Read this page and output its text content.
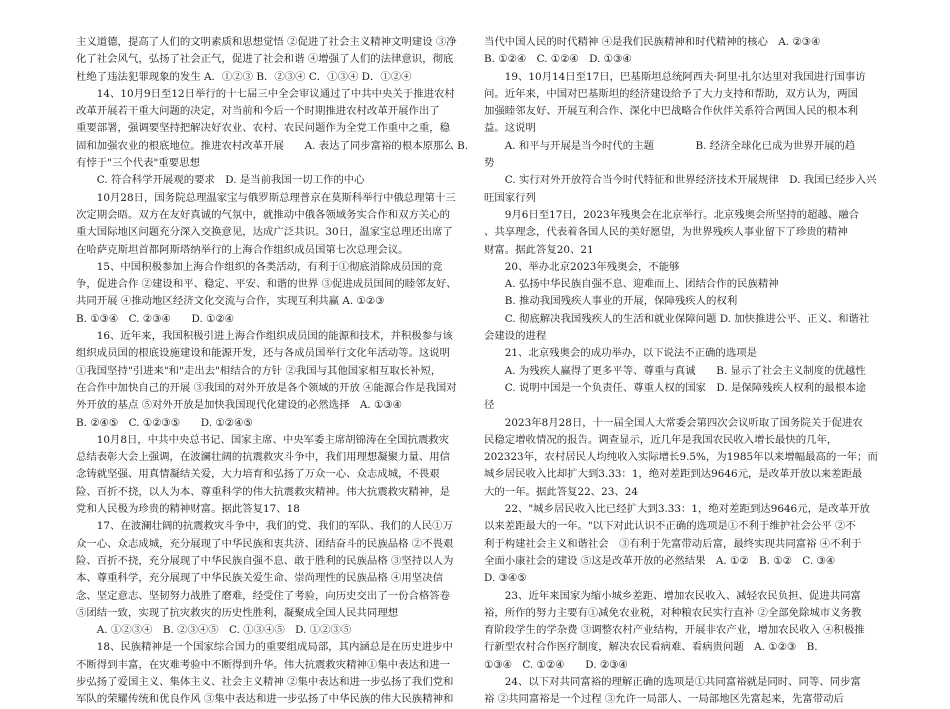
主义道德，提高了人们的文明素质和思想觉悟 ②促进了社会主义精神文明建设 ③净
化了社会风气，弘扬了社会正气，促进了社会和谐 ④增强了人们的法律意识，彻底
杜绝了违法犯罪现象的发生 A．①②③ B．②③④ C．①③④ D．①②④
　　14、10月9日至12日举行的十七届三中全会审议通过了中共中央关于推进农村
改革开展若干重大问题的决定，对当前和今后一个时期推进农村改革开展作出了
重要部署，强调要坚持把解决好农业、农村、农民问题作为全党工作重中之重，稳
固和加强农业的根底地位。推进农村改革开展　　A. 表达了同步富裕的根本原那么 B.
有悖于"三个代表"重要思想
　　C. 符合科学开展观的要求　D. 是当前我国一切工作的中心
　　10月28日，国务院总理温家宝与俄罗斯总理普京在莫斯科举行中俄总理第十三
次定期会晤。双方在友好真诚的气氛中，就推动中俄各领域务实合作和双方关心的
重大国际地区问题充分深入交换意见，达成广泛共识。30日，温家宝总理还出席了
在哈萨克斯坦首都阿斯塔纳举行的上海合作组织成员国第七次总理会议。
　　15、中国积极参加上海合作组织的各类活动，有利于①彻底消除成员国的竞
争，促进合作 ②建设和平、稳定、平安、和谐的世界 ③促进成员国间的睦邻友好、
共同开展 ④推动地区经济文化交流与合作，实现互利共赢 A. ①②③
B. ①③④　C. ②③④　　D. ①②④
　　16、近年来，我国积极引进上海合作组织成员国的能源和技术，并积极参与该
组织成员国的根底设施建设和能源开发，还与各成员国举行文化年活动等。这说明
①我国坚持"引进来"和"走出去"相结合的方针 ②我国与其他国家相互取长补短，
在合作中加快自己的开展 ③我国的对外开放是各个领域的开放 ④能源合作是我国对
外开放的基点 ⑤对外开放是加快我国现代化建设的必然选择　A. ①③④
B. ②④⑤　C. ①②③⑤　　D. ①②④⑤
　　10月8日，中共中央总书记、国家主席、中央军委主席胡锦涛在全国抗震救灾
总结表彰大会上强调，在波澜壮阔的抗震救灾斗争中，我们用理想凝聚力量、用信
念铸就坚强、用真情凝结关爱，大力培育和弘扬了万众一心、众志成城，不畏艰
险、百折不挠，以人为本、尊重科学的伟大抗震救灾精神。伟大抗震救灾精神，是
党和人民极为珍贵的精神财富。据此答复17、18
　　17、在波澜壮阔的抗震救灾斗争中，我们的党、我们的军队、我们的人民①万
众一心、众志成城，充分展现了中华民族和衷共济、团结奋斗的民族品格 ②不畏艰
险、百折不挠，充分展现了中华民族自强不息、敢于胜利的民族品格 ③坚持以人为
本、尊重科学，充分展现了中华民族关爱生命、崇尚理性的民族品格 ④用坚决信
念、坚定意志、坚韧努力战胜了磨难，经受住了考验，向历史交出了一份合格答卷
⑤团结一致，实现了抗灾救灾的历史性胜利，凝聚成全国人民共同理想
　　A. ①②③④　B. ②③④⑤　C. ①③④⑤　D. ①②③⑤
　　18、民族精神是一个国家综合国力的重要组成局部，其内涵总是在历史进步中
不断得到丰富，在灾难考验中不断得到升华。伟大抗震救灾精神①集中表达和进一
步弘扬了爱国主义、集体主义、社会主义精神 ②集中表达和进一步弘扬了我们党和
军队的荣耀传统和优良作风 ③集中表达和进一步弘扬了中华民族的伟大民族精神和
当代中国人民的时代精神 ④是我们民族精神和时代精神的核心　A. ②③④
B. ①②④　C. ①②④　D. ①③④
　　19、10月14日至17日，巴基斯坦总统阿西夫·阿里·扎尔达里对我国进行国事访
问。近年来，中国对巴基斯坦的经济建设给予了大力支持和帮助，双方认为，两国
加强睦邻友好、开展互利合作、深化中巴战略合作伙伴关系符合两国人民的根本利
益。这说明
　　A. 和平与开展是当今时代的主题　　　　B. 经济全球化已成为世界开展的趋
势
　　C. 实行对外开放符合当今时代特征和世界经济技术开展规律　D. 我国已经步入兴
旺国家行列
　　9月6日至17日，2023年残奥会在北京举行。北京残奥会所坚持的超越、融合
、共享理念，代表着各国人民的美好愿望，为世界残疾人事业留下了珍贵的精神
财富。据此答复20、21
　　20、举办北京2023年残奥会，不能够
　　A. 弘扬中华民族自强不息、迎难而上、团结合作的民族精神
　　B. 推动我国残疾人事业的开展，保障残疾人的权利
　　C. 彻底解决我国残疾人的生活和就业保障问题 D. 加快推进公平、正义、和谐社
会建设的进程
　　21、北京残奥会的成功举办，以下说法不正确的选项是
　　A. 为残疾人赢得了更多平等、尊重与真诚　　B. 显示了社会主义制度的优越性
　　C. 说明中国是一个负责任、尊重人权的国家　D. 是保障残疾人权利的最根本途
径
　　2023年8月28日，十一届全国人大常委会第四次会议听取了国务院关于促进农
民稳定增收情况的报告。调查显示，近几年是我国农民收入增长最快的几年，
202323年，农村居民人均纯收入实际增长9.5%，为1985年以来增幅最高的一年；而
城乡居民收入比却扩大到3.33：1，绝对差距到达9646元，是改革开放以来差距最
大的一年。据此答复22、23、24
　　22、"城乡居民收入比已经扩大到3.33：1，绝对差距到达9646元，是改革开放
以来差距最大的一年。"以下对此认识不正确的选项是①不利于维护社会公平 ②不
利于构建社会主义和谐社会　③有利于先富带动后富，最终实现共同富裕 ④不利于
全面小康社会的建设 ⑤这是改革开放的必然结果　A. ①②　B. ①②　C. ③④
D. ③④⑤
　　23、近年来国家为缩小城乡差距、增加农民收入、减轻农民负担、促进共同富
裕，所作的努力主要有①减免农业税，对种粮农民实行直补 ②全部免除城市义务教
育阶段学生的学杂费 ③调整农村产业结构，开展非农产业，增加农民收入 ④积极推
行新型农村合作医疗制度，解决农民看病难、看病贵问题　A. ①②③　B.
①③④　C. ①②④　　D. ②③④
　　24、以下对共同富裕的理解正确的选项是①共同富裕就是同时、同等、同步富
裕 ②共同富裕是一个过程 ③允许一局部人、一局部地区先富起来，先富带动后
